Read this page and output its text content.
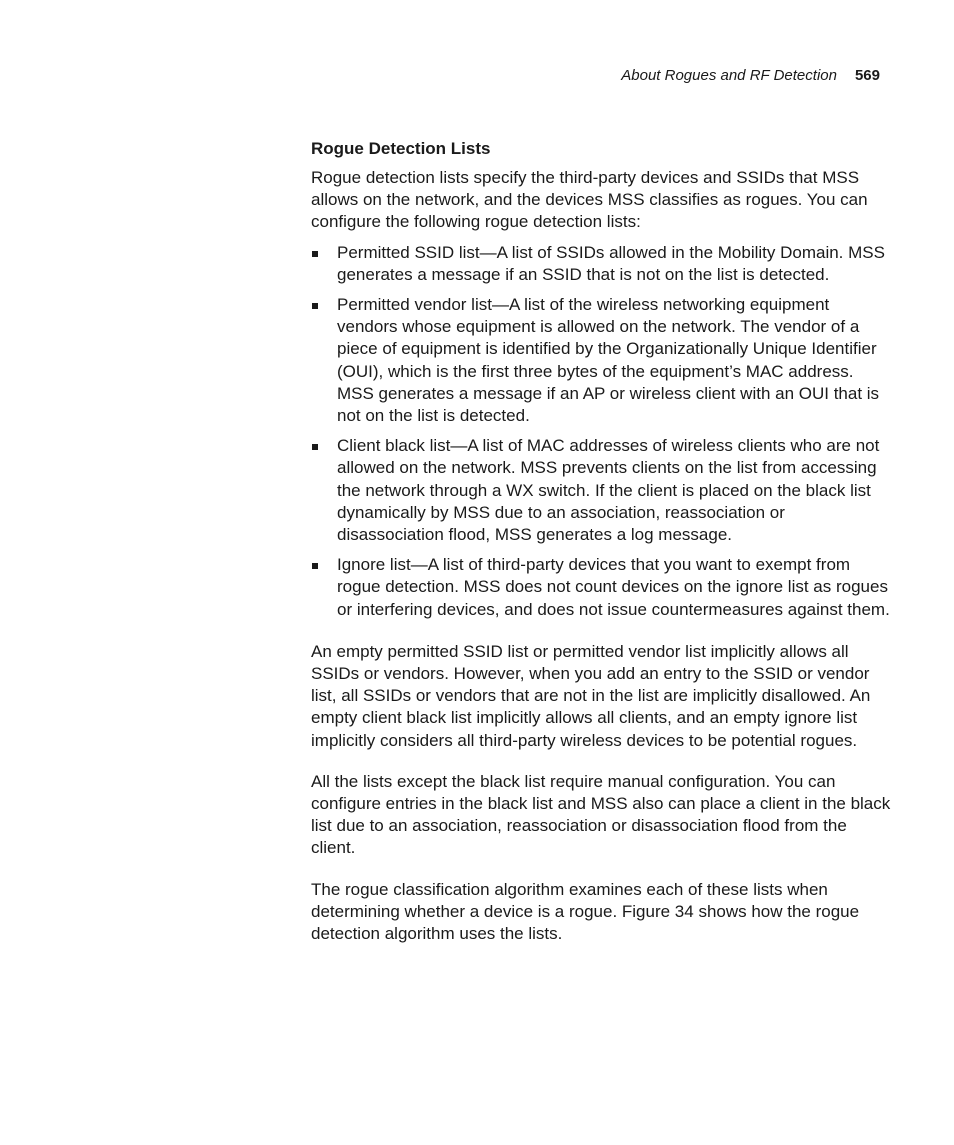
About Rogues and RF Detection 569
Rogue Detection Lists

Rogue detection lists specify the third-party devices and SSIDs that MSS allows on the network, and the devices MSS classifies as rogues. You can configure the following rogue detection lists:

Permitted SSID list—A list of SSIDs allowed in the Mobility Domain. MSS generates a message if an SSID that is not on the list is detected.
Permitted vendor list—A list of the wireless networking equipment vendors whose equipment is allowed on the network. The vendor of a piece of equipment is identified by the Organizationally Unique Identifier (OUI), which is the first three bytes of the equipment’s MAC address. MSS generates a message if an AP or wireless client with an OUI that is not on the list is detected.
Client black list—A list of MAC addresses of wireless clients who are not allowed on the network. MSS prevents clients on the list from accessing the network through a WX switch. If the client is placed on the black list dynamically by MSS due to an association, reassociation or disassociation flood, MSS generates a log message.
Ignore list—A list of third-party devices that you want to exempt from rogue detection. MSS does not count devices on the ignore list as rogues or interfering devices, and does not issue countermeasures against them.

An empty permitted SSID list or permitted vendor list implicitly allows all SSIDs or vendors. However, when you add an entry to the SSID or vendor list, all SSIDs or vendors that are not in the list are implicitly disallowed. An empty client black list implicitly allows all clients, and an empty ignore list implicitly considers all third-party wireless devices to be potential rogues.

All the lists except the black list require manual configuration. You can configure entries in the black list and MSS also can place a client in the black list due to an association, reassociation or disassociation flood from the client.

The rogue classification algorithm examines each of these lists when determining whether a device is a rogue. Figure 34 shows how the rogue detection algorithm uses the lists.
